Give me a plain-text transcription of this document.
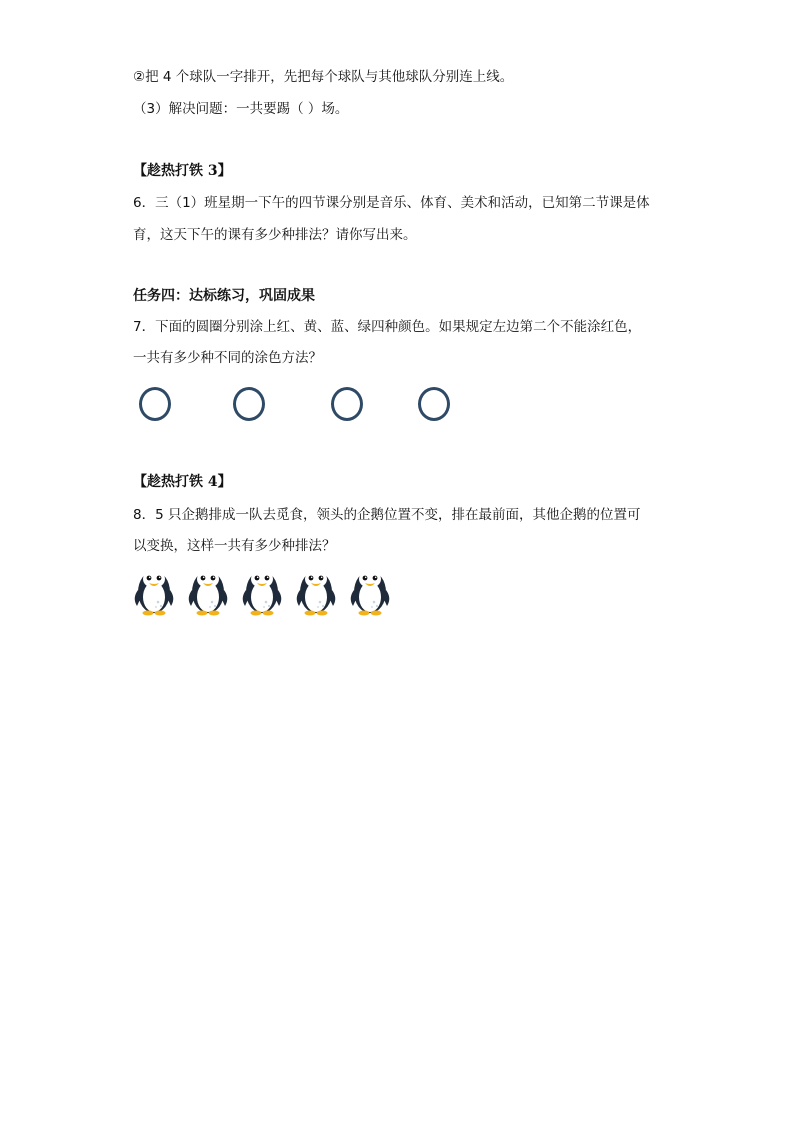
②把 4 个球队一字排开，先把每个球队与其他球队分别连上线。
（3）解决问题：一共要踢（ ）场。
【趁热打铁 3】
6．三（1）班星期一下午的四节课分别是音乐、体育、美术和活动，已知第二节课是体
育，这天下午的课有多少种排法？请你写出来。
任务四：达标练习，巩固成果
7．下面的圆圈分别涂上红、黄、蓝、绿四种颜色。如果规定左边第二个不能涂红色，
一共有多少种不同的涂色方法？
【趁热打铁 4】
8．5 只企鹅排成一队去觅食，领头的企鹅位置不变，排在最前面，其他企鹅的位置可
以变换，这样一共有多少种排法？
